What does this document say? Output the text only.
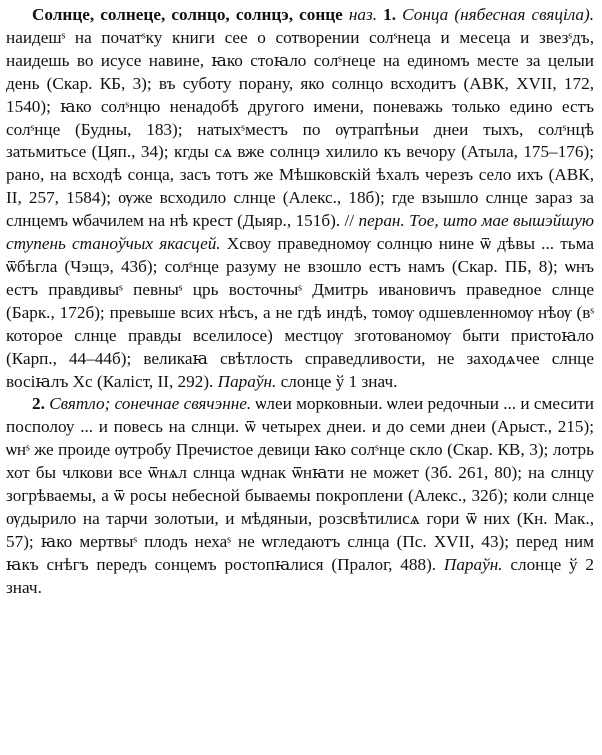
Солнце, солнеце, солнцо, солнцэ, сонце наз. 1. Сонца (нябесная свяціла). наидешˢ на початˢку книги сее о сотворении солˢнеца и месеца и звезˢдъ, наидешь во исусе навине, ꙗко стоꙗло солˢнеце на единомъ месте за целыи день (Скар. КБ, 3); въ суботу порану, яко солнцо всходитъ (АВК, XVII, 172, 1540); ꙗко солˢнцю ненадобѣ другого имени, поневажь только едино естъ солˢнце (Будны, 183); натыхˢместъ по ѹтрапѣньи днеи тыхъ, солˢнцѣ затьмитьсе (Цяп., 34); кгды сѧ вже солнцэ хилило къ вечору (Атыла, 175–176); рано, на всходѣ сонца, засъ тотъ же Мѣшковскій ѣхалъ черезъ село ихъ (АВК, II, 257, 1584); ѹже всходило слнце (Алекс., 18б); где взышло слнце зараз за слнцемъ ѡбачилем на нѣ крест (Дыяр., 151б). // перан. Тое, што мае вышэйшую ступень станоўчых якасцей. Хсвоу праведномѹ солнцю нине ѿ дѣвы ... тьма ѿбѣгла (Чэщэ, 43б); солˢнце разуму не взошло естъ намъ (Скар. ПБ, 8); ѡнъ естъ правдивыˢ певныˢ црь восточныˢ Дмитрь ивановичъ праведное слнце (Барк., 172б); превыше всих нѣсъ, а не гдѣ индѣ, томѹ одшевленномѹ нѣѹ (вˢ которое слнце правды вселилосе) местцѹ зготованомѹ быти пристоꙗло (Карп., 44–44б); великаꙗ свѣтлость справедливости, не заходѧчее слнце восіꙗлъ Хс (Каліст, II, 292). Параўн. слонце ў 1 знач.

2. Святло; сонечнае свячэнне. ѡлеи морковныи. ѡлеи редочныи ... и смесити посполоу ... и повесь на слнци. ѿ четырех днеи. и до семи днеи (Арыст., 215); ѡнˢ же проиде ѹтробу Пречистое девици ꙗко солˢнце скло (Скар. КВ, 3); лотрь хот бы члкови все ѿнѧл слнца ѡднак ѿнꙗти не может (Зб. 261, 80); на слнцу зогрѣваемы, а ѿ росы небесной бываемы покроплени (Алекс., 32б); коли слнце ѹдырило на тарчи золотыи, и мѣдяныи, розсвѣтилисѧ гори ѿ них (Кн. Мак., 57); ꙗко мертвыˢ плодъ нехаˢ не ѡгледаютъ слнца (Пс. XVII, 43); перед ним ꙗкъ снѣгъ передъ сонцемъ ростопꙗлися (Пралог, 488). Параўн. слонце ў 2 знач.
